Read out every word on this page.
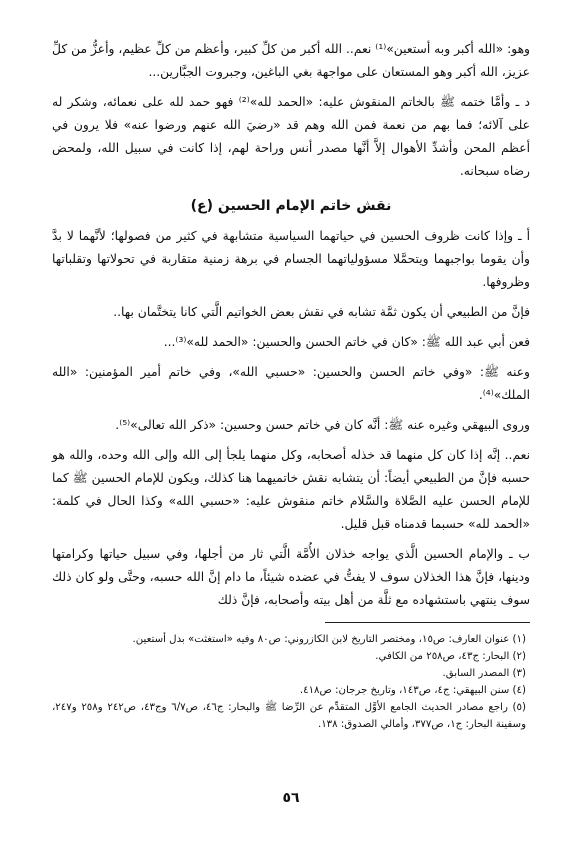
وهو: «الله أكبر وبه أستعين»⁽¹⁾ نعم.. الله أكبر من كلِّ كبير، وأعظم من كلِّ عظيم، وأعزُّ من كلِّ عزيز، الله أكبر وهو المستعان على مواجهة بغي الباغين، وجبروت الجبَّارين...

د ـ وأمَّا ختمه ﷺ بالخاتم المنقوش عليه: «الحمد لله»⁽²⁾ فهو حمد لله على نعمائه، وشكر له على آلائه؛ فما بهم من نعمة فمن الله وهم قد «رضيَ الله عنهم ورضوا عنه» فلا يرون في أعظم المحن وأشدِّ الأهوال إلاَّ أنَّها مصدر أنس وراحة لهم، إذا كانت في سبيل الله، ولمحض رضاه سبحانه.

نقش خاتم الإمام الحسين (ع)

أ ـ وإذا كانت ظروف الحسين في حياتهما السياسية متشابهة في كثير من فصولها؛ لأنَّهما لا بدَّ وأن يقوما بواجبهما ويتحمَّلا مسؤولياتهما الجسام في برهة زمنية متقاربة في تحولاتها وتقلباتها وظروفها.

فإنَّ من الطبيعي أن يكون ثمَّة تشابه في نقش بعض الخواتيم الَّتي كانا يتختَّمان بها..

فعن أبي عبد الله ﷺ: «كان في خاتم الحسن والحسين: «الحمد لله»⁽³⁾...

وعنه ﷺ: «وفي خاتم الحسن والحسين: «حسبي الله»، وفي خاتم أمير المؤمنين: «الله الملك»⁽⁴⁾.

وروى البيهقي وغيره عنه ﷺ: أنَّه كان في خاتم حسن وحسين: «ذكر الله تعالى»⁽⁵⁾.

نعم.. إنَّه إذا كان كل منهما قد خذله أصحابه، وكل منهما يلجأ إلى الله وإلى الله وحده، والله هو حسبه فإنَّ من الطبيعي أيضاً: أن يتشابه نقش خاتميهما هنا كذلك، ويكون للإمام الحسين ﷺ كما للإمام الحسن عليه الصَّلاة والسَّلام خاتم منقوش عليه: «حسبي الله» وكذا الحال في كلمة: «الحمد لله» حسبما قدمناه قبل قليل.

ب ـ والإمام الحسين الَّذي يواجه خذلان الأُمَّة الَّتي ثار من أجلها، وفي سبيل حياتها وكرامتها ودينها، فإنَّ هذا الخذلان سوف لا يفتُّ في عضده شيئاً، ما دام إنَّ الله حسبه، وحتَّى ولو كان ذلك سوف ينتهي باستشهاده مع ثلَّة من أهل بيته وأصحابه، فإنَّ ذلك

(١) عنوان العارف: ص١٥، ومختصر التاريخ لابن الكازروني: ص٨٠ وفيه «استغثت» بدل أستعين.

(٢) البحار: ج٤٣، ص٢٥٨ من الكافي.

(٣) المصدر السابق.

(٤) سنن البيهقي: ج٤، ص١٤٣، وتاريخ جرجان: ص٤١٨.

(٥) راجع مصادر الحديث الجامع الأوَّل المتقدِّم عن الرِّضا ﷺ والبحار: ج٤٦، ص٦/٧ وج٤٣، ص٢٤٢ و٢٥٨ و٢٤٧، وسفينة البحار: ج١، ص٣٧٧، وأمالي الصدوق: ١٣٨.

٥٦
